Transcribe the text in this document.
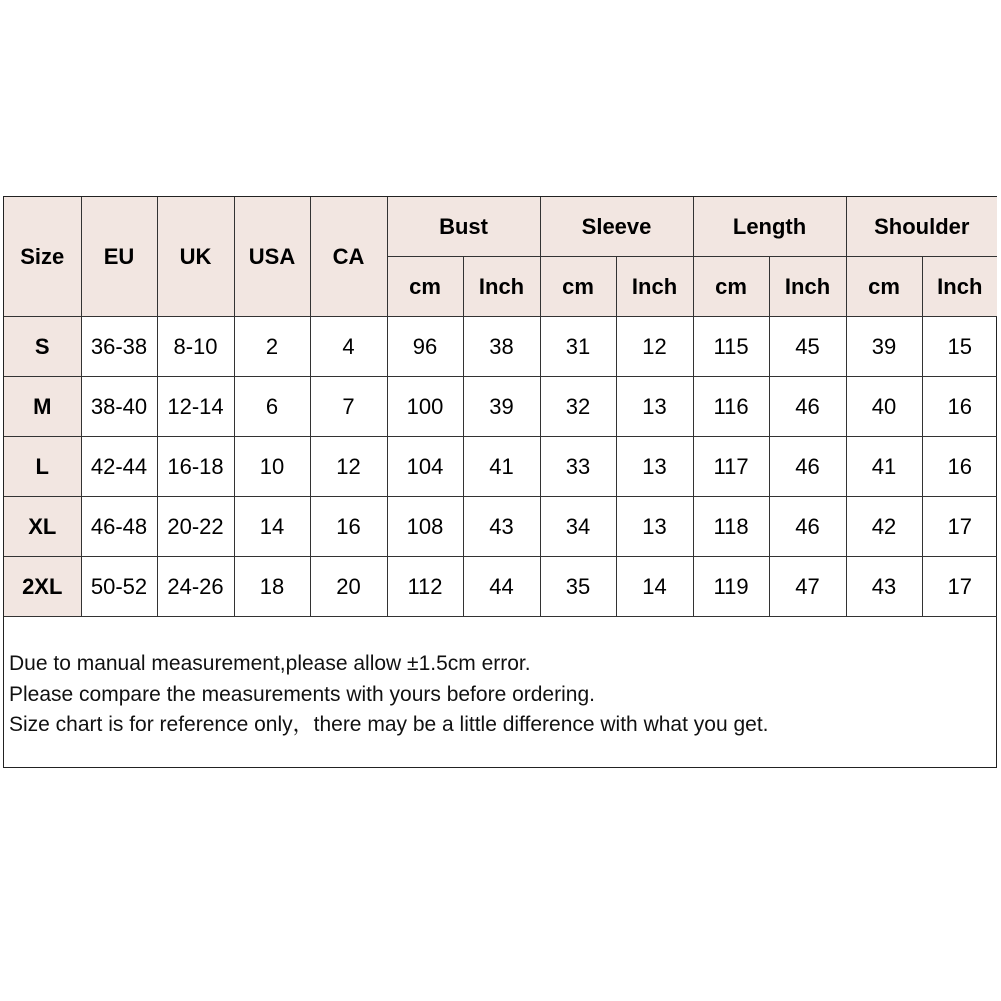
Size	EU	UK	USA	CA	Bust		Sleeve		Length		Shoulder	
					cm	Inch	cm	Inch	cm	Inch	cm	Inch
S	36-38	8-10	2	4	96	38	31	12	115	45	39	15
M	38-40	12-14	6	7	100	39	32	13	116	46	40	16
L	42-44	16-18	10	12	104	41	33	13	117	46	41	16
XL	46-48	20-22	14	16	108	43	34	13	118	46	42	17
2XL	50-52	24-26	18	20	112	44	35	14	119	47	43	17
Due to manual measurement,please allow ±1.5cm error.
Please compare the measurements with yours before ordering.
Size chart is for reference only，there may be a little difference with what you get.
